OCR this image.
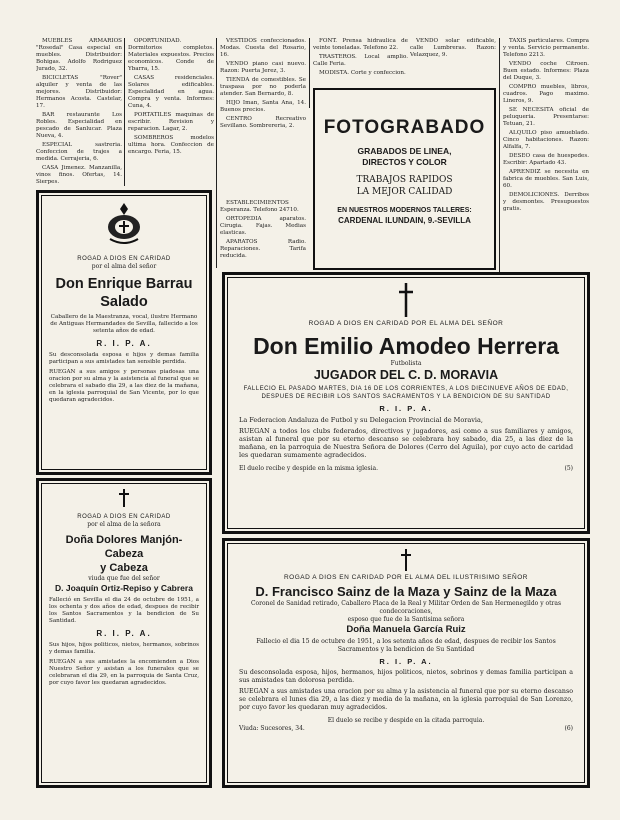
MUEBLES ARMARIOS "Rosedal" Casa especial en muebles. Distribuidor: Bohigas. Adolfo Rodriguez Jurado, 32.

BICICLETAS "Rover" alquiler y venta de las mejores. Distribuidor: Hermanos Acosta. Castelar, 17.

BAR restaurante Los Robles. Especialidad en pescado de Sanlucar. Plaza Nueva, 4.

ESPECIAL sastreria. Confeccion de trajes a medida. Cerrajeria, 6.

CASA Jimenez. Manzanilla, vinos finos. Ofertas, 14. Sierpes.

OPORTUNIDAD. Dormitorios completos. Materiales expuestos. Precios economicos. Conde de Ybarra, 15.

CASAS residenciales. Solares edificables. Especialidad en agua. Compra y venta. Informes: Cuna, 4.

PORTATILES maquinas de escribir. Revision y reparacion. Lagar, 2.

SOMBREROS modelos ultima hora. Confeccion de encargo. Feria, 15.

VESTIDOS confeccionados. Modas. Cuesta del Rosario, 16.

VENDO piano casi nuevo. Razon: Puerta Jerez, 3.

TIENDA de comestibles. Se traspasa por no poderla atender. San Bernardo, 8.

HIJO Iman, Santa Ana, 14. Buenos precios.

CENTRO Recreativo Sevillano. Sombrereria, 2.

ESTABLECIMIENTOS Esperanza. Telefono 24710.

ORTOPEDIA aparatos. Cirugia. Fajas. Medias elasticas.

APARATOS Radio. Reparaciones. Tarifa reducida.

FONT. Prensa hidraulica de veinte toneladas. Telefono 22.

TRASTEROS. Local amplio. Calle Feria.

MODISTA. Corte y confeccion.

VENDO solar edificable, calle Lumbreras. Razon: Velazquez, 9.

TAXIS particulares. Compra y venta. Servicio permanente. Telefono 2213.

VENDO coche Citroen. Buen estado. Informes: Plaza del Duque, 3.

COMPRO muebles, libros, cuadros. Pago maximo. Lineros, 9.

SE NECESITA oficial de peluqueria. Presentarse: Tetuan, 21.

ALQUILO piso amueblado. Cinco habitaciones. Razon: Alfalfa, 7.

DESEO casa de huespedes. Escribir: Apartado 43.

APRENDIZ se necesita en fabrica de muebles. San Luis, 60.

DEMOLICIONES. Derribos y desmontes. Presupuestos gratis.

FOTOGRABADO
GRABADOS DE LINEA,
DIRECTOS Y COLOR
TRABAJOS RAPIDOS
LA MEJOR CALIDAD
EN NUESTROS MODERNOS TALLERES:
CARDENAL ILUNDAIN, 9.-SEVILLA
ROGAD A DIOS EN CARIDAD
por el alma del señor
Don Enrique Barrau
Salado
Caballero de la Maestranza, vocal, ilustre Hermano de Antiguas Hermandades de Sevilla, fallecido a los setenta años de edad.
R. I. P. A.
Su desconsolada esposa e hijos y demas familia participan a sus amistades tan sensible perdida.
RUEGAN a sus amigos y personas piadosas una oracion por su alma y la asistencia al funeral que se celebrara el sabado dia 29, a las diez de la mañana, en la iglesia parroquial de San Vicente, por lo que quedaran agradecidos.
ROGAD A DIOS EN CARIDAD
por el alma de la señora
Doña Dolores Manjón-Cabeza
y Cabeza
viuda que fue del señor
D. Joaquín Ortiz-Repiso y Cabrera
Falleció en Sevilla el dia 24 de octubre de 1951, a los ochenta y dos años de edad, despues de recibir los Santos Sacramentos y la bendicion de Su Santidad.
R. I. P. A.
Sus hijos, hijos politicos, nietos, hermanos, sobrinos y demas familia.
RUEGAN a sus amistades la encomienden a Dios Nuestro Señor y asistan a los funerales que se celebraran el dia 29, en la parroquia de Santa Cruz, por cuyo favor les quedaran agradecidos.
ROGAD A DIOS EN CARIDAD POR EL ALMA DEL SEÑOR
Don Emilio Amodeo Herrera
Futbolista
JUGADOR DEL C. D. MORAVIA
FALLECIO EL PASADO MARTES, DIA 16 DE LOS CORRIENTES, A LOS DIECINUEVE AÑOS DE EDAD, DESPUES DE RECIBIR LOS SANTOS SACRAMENTOS Y LA BENDICION DE SU SANTIDAD
R. I. P. A.
La Federacion Andaluza de Futbol y su Delegacion Provincial de Moravia,
RUEGAN a todos los clubs federados, directivos y jugadores, asi como a sus familiares y amigos, asistan al funeral que por su eterno descanso se celebrara hoy sabado, dia 25, a las diez de la mañana, en la parroquia de Nuestra Señora de Dolores (Cerro del Aguila), por cuyo acto de caridad les quedaran sumamente agradecidos.
El duelo recibe y despide en la misma iglesia.	(5)
ROGAD A DIOS EN CARIDAD POR EL ALMA DEL ILUSTRISIMO SEÑOR
D. Francisco Sainz de la Maza y Sainz de la Maza
Coronel de Sanidad retirado, Caballero Placa de la Real y Militar Orden de San Hermenegildo y otras condecoraciones,
esposo que fue de la Santisima señora
Doña Manuela García Ruiz
Fallecio el dia 15 de octubre de 1951, a los setenta años de edad, despues de recibir los Santos Sacramentos y la bendicion de Su Santidad
R. I. P. A.
Su desconsolada esposa, hijos, hermanos, hijos politicos, nietos, sobrinos y demas familia participan a sus amistades tan dolorosa perdida.
RUEGAN a sus amistades una oracion por su alma y la asistencia al funeral que por su eterno descanso se celebrara el lunes dia 29, a las diez y media de la mañana, en la iglesia parroquial de San Lorenzo, por cuyo favor les quedaran muy agradecidos.
El duelo se recibe y despide en la citada parroquia.
Viuda: Sucesores, 34.	(6)
